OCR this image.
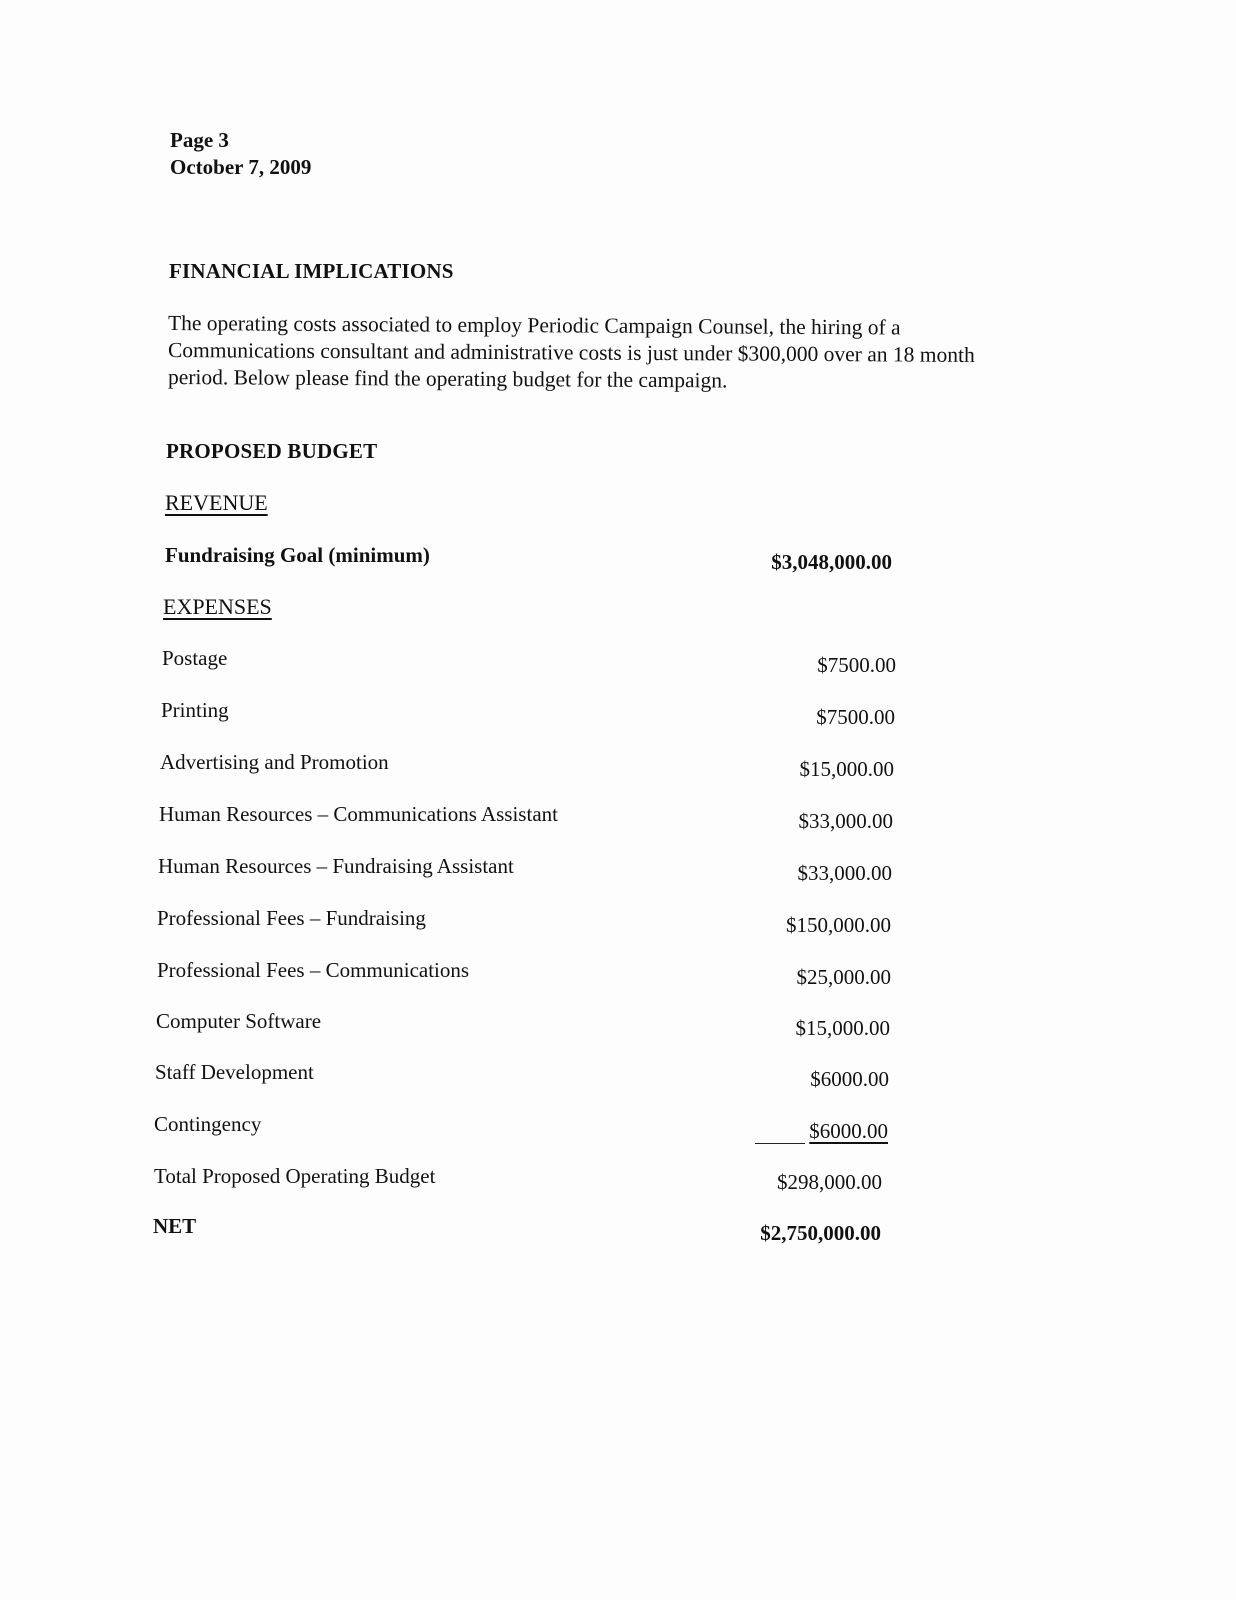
Page 3
October 7, 2009
FINANCIAL IMPLICATIONS
The operating costs associated to employ Periodic Campaign Counsel, the hiring of a
Communications consultant and administrative costs is just under $300,000 over an 18 month
period. Below please find the operating budget for the campaign.
PROPOSED BUDGET
REVENUE
Fundraising Goal (minimum)	$3,048,000.00
EXPENSES
Postage	$7500.00
Printing	$7500.00
Advertising and Promotion	$15,000.00
Human Resources – Communications Assistant	$33,000.00
Human Resources – Fundraising Assistant	$33,000.00
Professional Fees – Fundraising	$150,000.00
Professional Fees – Communications	$25,000.00
Computer Software	$15,000.00
Staff Development	$6000.00
Contingency	$6000.00
Total Proposed Operating Budget	$298,000.00
NET	$2,750,000.00
